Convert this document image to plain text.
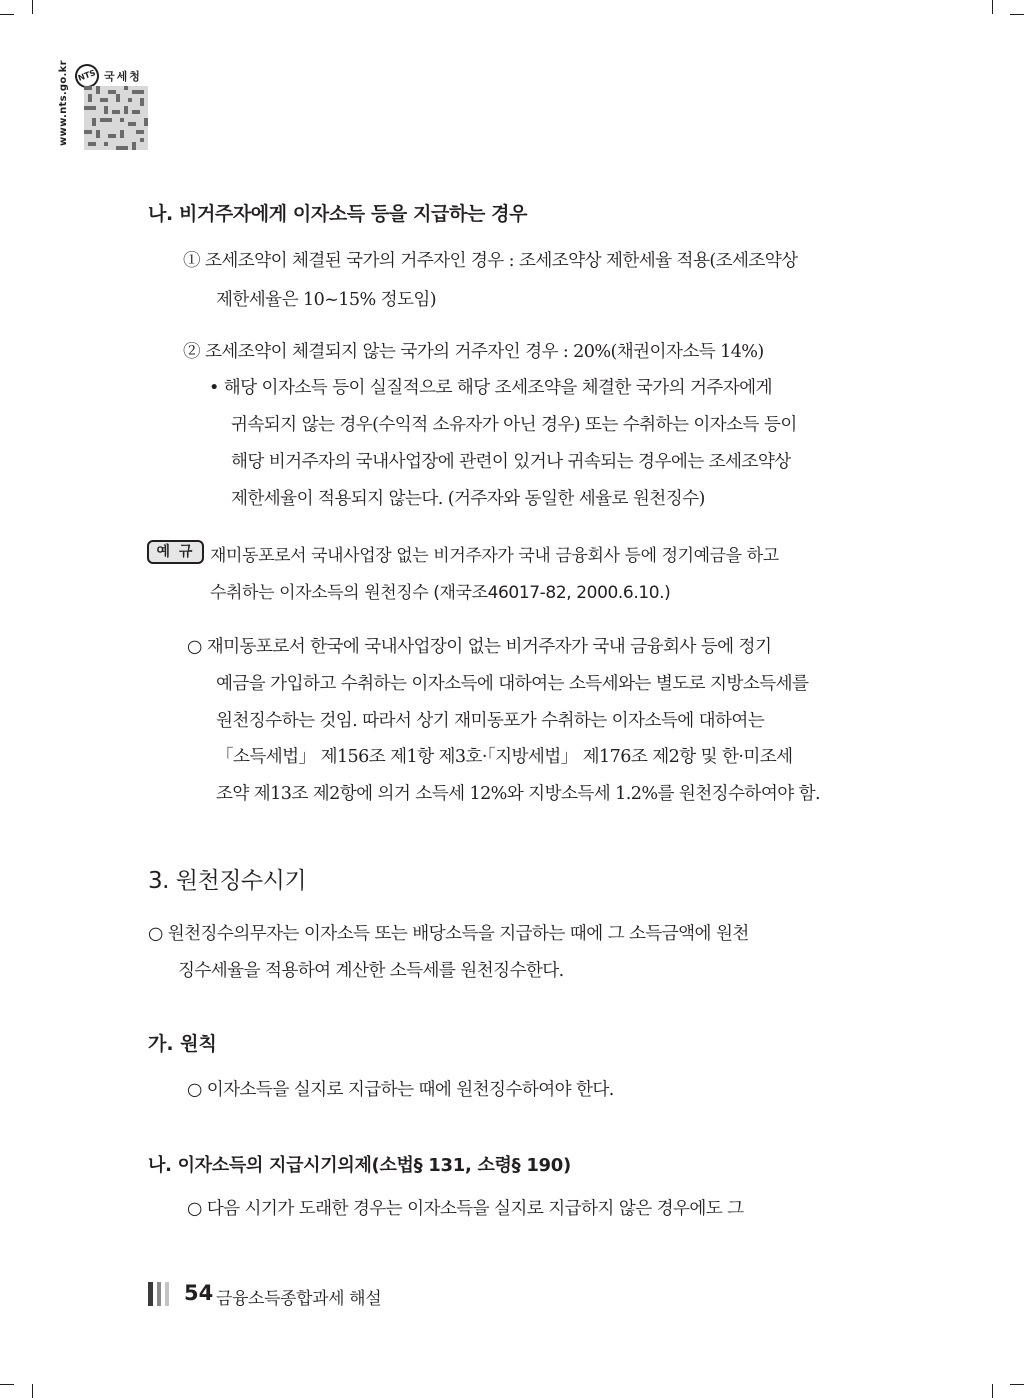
www.nts.go.kr NTS 국세청
나. 비거주자에게 이자소득 등을 지급하는 경우
① 조세조약이 체결된 국가의 거주자인 경우 : 조세조약상 제한세율 적용(조세조약상
제한세율은 10~15% 정도임)
② 조세조약이 체결되지 않는 국가의 거주자인 경우 : 20%(채권이자소득 14%)
• 해당 이자소득 등이 실질적으로 해당 조세조약을 체결한 국가의 거주자에게
귀속되지 않는 경우(수익적 소유자가 아닌 경우) 또는 수취하는 이자소득 등이
해당 비거주자의 국내사업장에 관련이 있거나 귀속되는 경우에는 조세조약상
제한세율이 적용되지 않는다. (거주자와 동일한 세율로 원천징수)
예 규 재미동포로서 국내사업장 없는 비거주자가 국내 금융회사 등에 정기예금을 하고
수취하는 이자소득의 원천징수 (재국조46017-82, 2000.6.10.)
○ 재미동포로서 한국에 국내사업장이 없는 비거주자가 국내 금융회사 등에 정기
예금을 가입하고 수취하는 이자소득에 대하여는 소득세와는 별도로 지방소득세를
원천징수하는 것임. 따라서 상기 재미동포가 수취하는 이자소득에 대하여는
「소득세법」 제156조 제1항 제3호·「지방세법」 제176조 제2항 및 한·미조세
조약 제13조 제2항에 의거 소득세 12%와 지방소득세 1.2%를 원천징수하여야 함.
3. 원천징수시기
○ 원천징수의무자는 이자소득 또는 배당소득을 지급하는 때에 그 소득금액에 원천
징수세율을 적용하여 계산한 소득세를 원천징수한다.
가. 원칙
○ 이자소득을 실지로 지급하는 때에 원천징수하여야 한다.
나. 이자소득의 지급시기의제(소법§ 131, 소령§ 190)
○ 다음 시기가 도래한 경우는 이자소득을 실지로 지급하지 않은 경우에도 그
54 금융소득종합과세 해설
